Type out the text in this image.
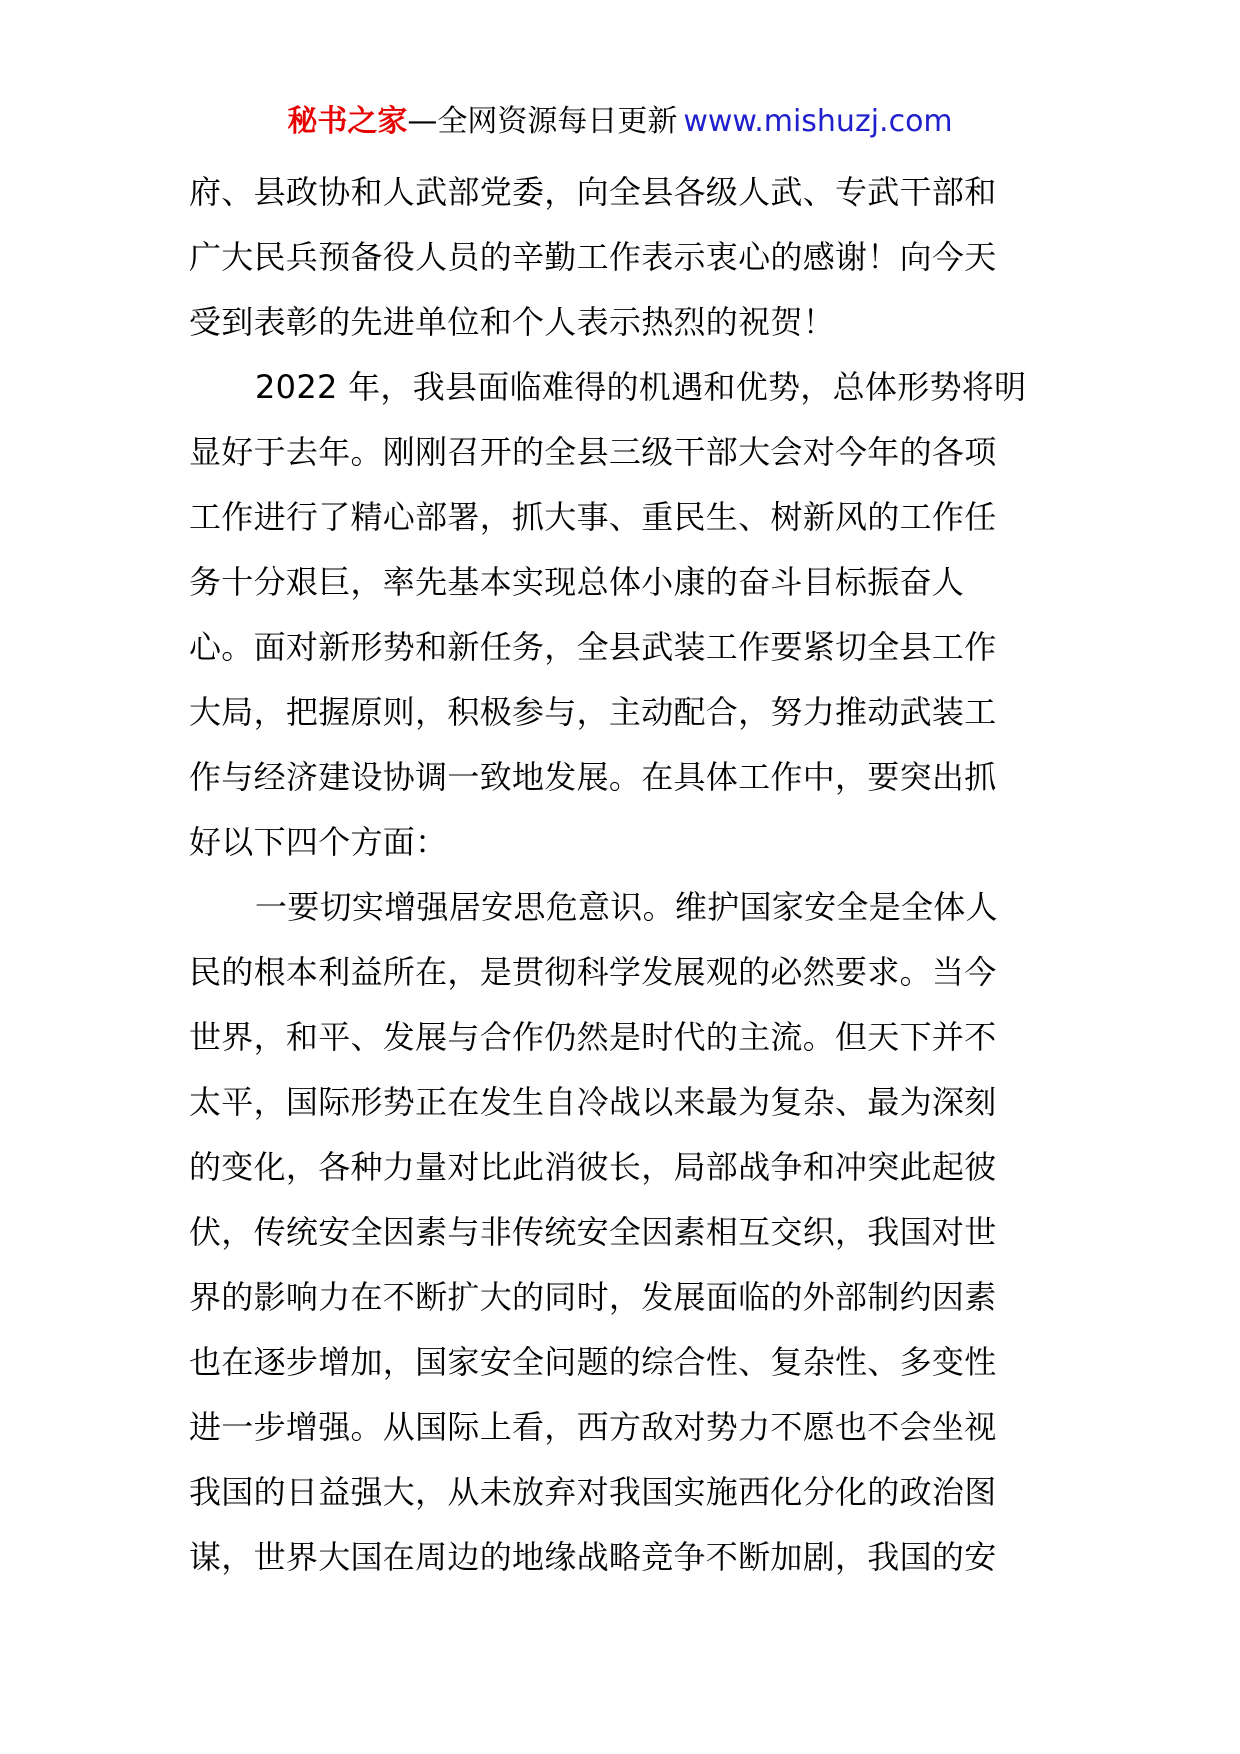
秘书之家—全网资源每日更新 www.mishuzj.com
府、县政协和人武部党委，向全县各级人武、专武干部和
广大民兵预备役人员的辛勤工作表示衷心的感谢！向今天
受到表彰的先进单位和个人表示热烈的祝贺！
2022 年，我县面临难得的机遇和优势，总体形势将明
显好于去年。刚刚召开的全县三级干部大会对今年的各项
工作进行了精心部署，抓大事、重民生、树新风的工作任
务十分艰巨，率先基本实现总体小康的奋斗目标振奋人
心。面对新形势和新任务，全县武装工作要紧切全县工作
大局，把握原则，积极参与，主动配合，努力推动武装工
作与经济建设协调一致地发展。在具体工作中，要突出抓
好以下四个方面：
一要切实增强居安思危意识。维护国家安全是全体人
民的根本利益所在，是贯彻科学发展观的必然要求。当今
世界，和平、发展与合作仍然是时代的主流。但天下并不
太平，国际形势正在发生自冷战以来最为复杂、最为深刻
的变化，各种力量对比此消彼长，局部战争和冲突此起彼
伏，传统安全因素与非传统安全因素相互交织，我国对世
界的影响力在不断扩大的同时，发展面临的外部制约因素
也在逐步增加，国家安全问题的综合性、复杂性、多变性
进一步增强。从国际上看，西方敌对势力不愿也不会坐视
我国的日益强大，从未放弃对我国实施西化分化的政治图
谋，世界大国在周边的地缘战略竞争不断加剧，我国的安
